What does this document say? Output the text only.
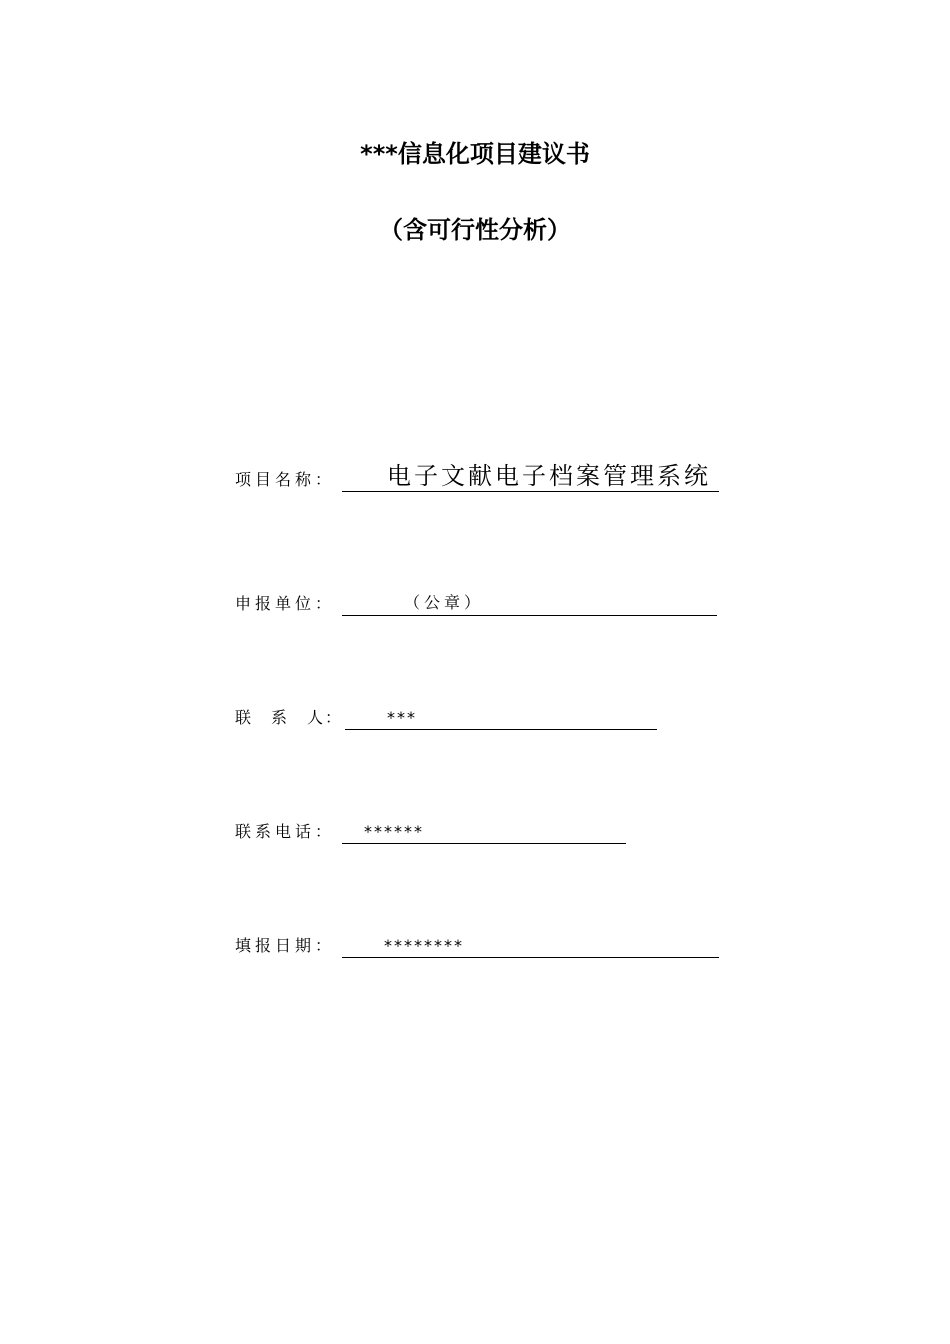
***信息化项目建议书
（含可行性分析）
项目名称： 电子文献电子档案管理系统
申报单位：	（公章）
联　系　人：	***
联系电话： ******
填报日期：	********
